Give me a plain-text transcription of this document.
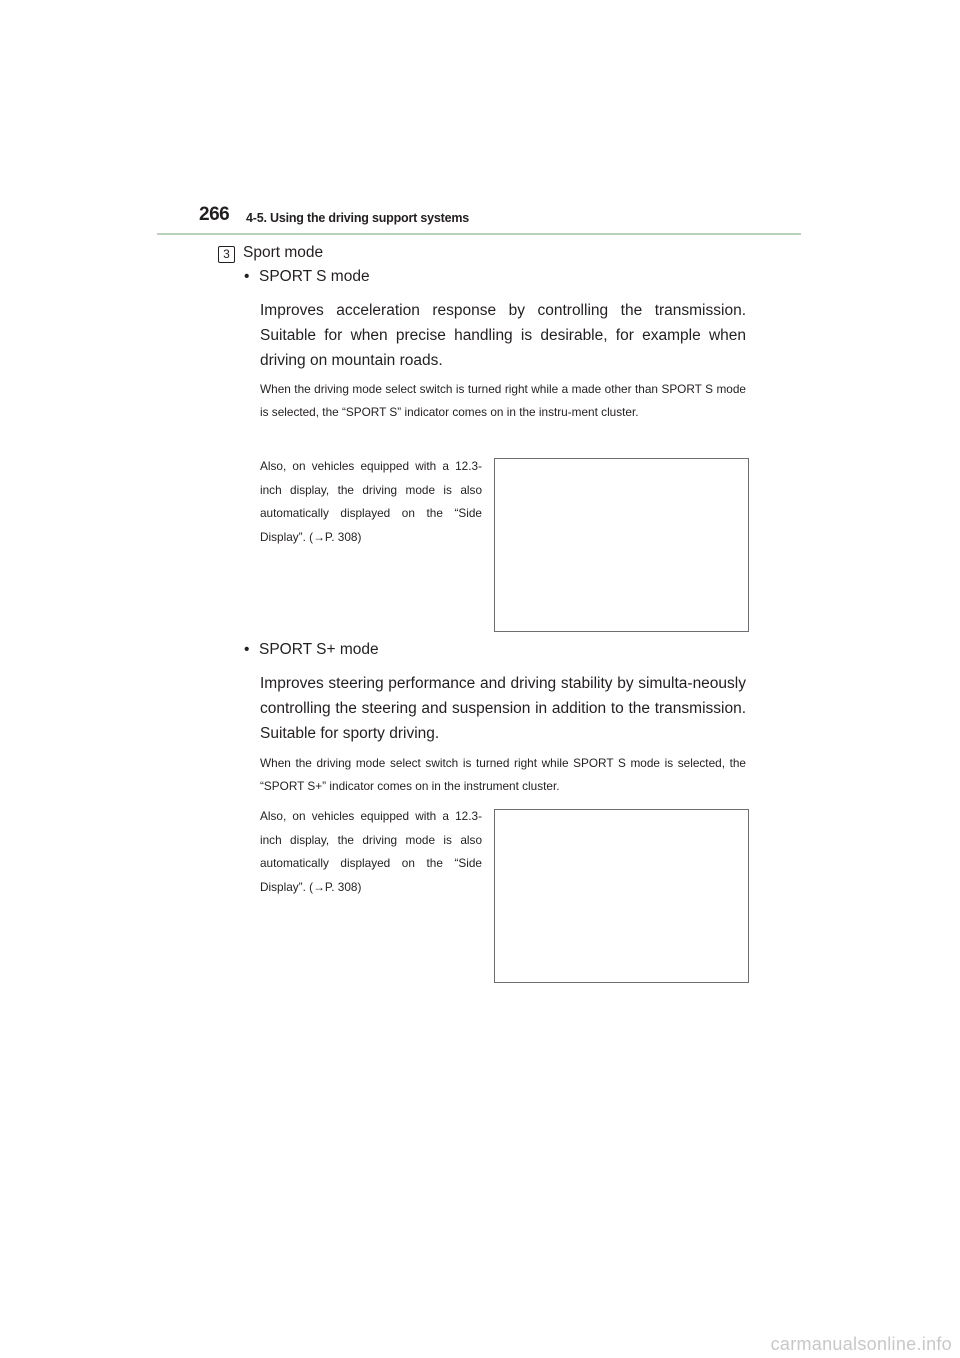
266 4-5. Using the driving support systems
3 Sport mode
• SPORT S mode
Improves acceleration response by controlling the transmission. Suitable for when precise handling is desirable, for example when driving on mountain roads.
When the driving mode select switch is turned right while a made other than SPORT S mode is selected, the “SPORT S” indicator comes on in the instru-ment cluster.
Also, on vehicles equipped with a 12.3-inch display, the driving mode is also automatically displayed on the “Side Display”. (→P. 308)
• SPORT S+ mode
Improves steering performance and driving stability by simulta-neously controlling the steering and suspension in addition to the transmission. Suitable for sporty driving.
When the driving mode select switch is turned right while SPORT S mode is selected, the “SPORT S+” indicator comes on in the instrument cluster.
Also, on vehicles equipped with a 12.3-inch display, the driving mode is also automatically displayed on the “Side Display”. (→P. 308)
carmanualsonline.info
